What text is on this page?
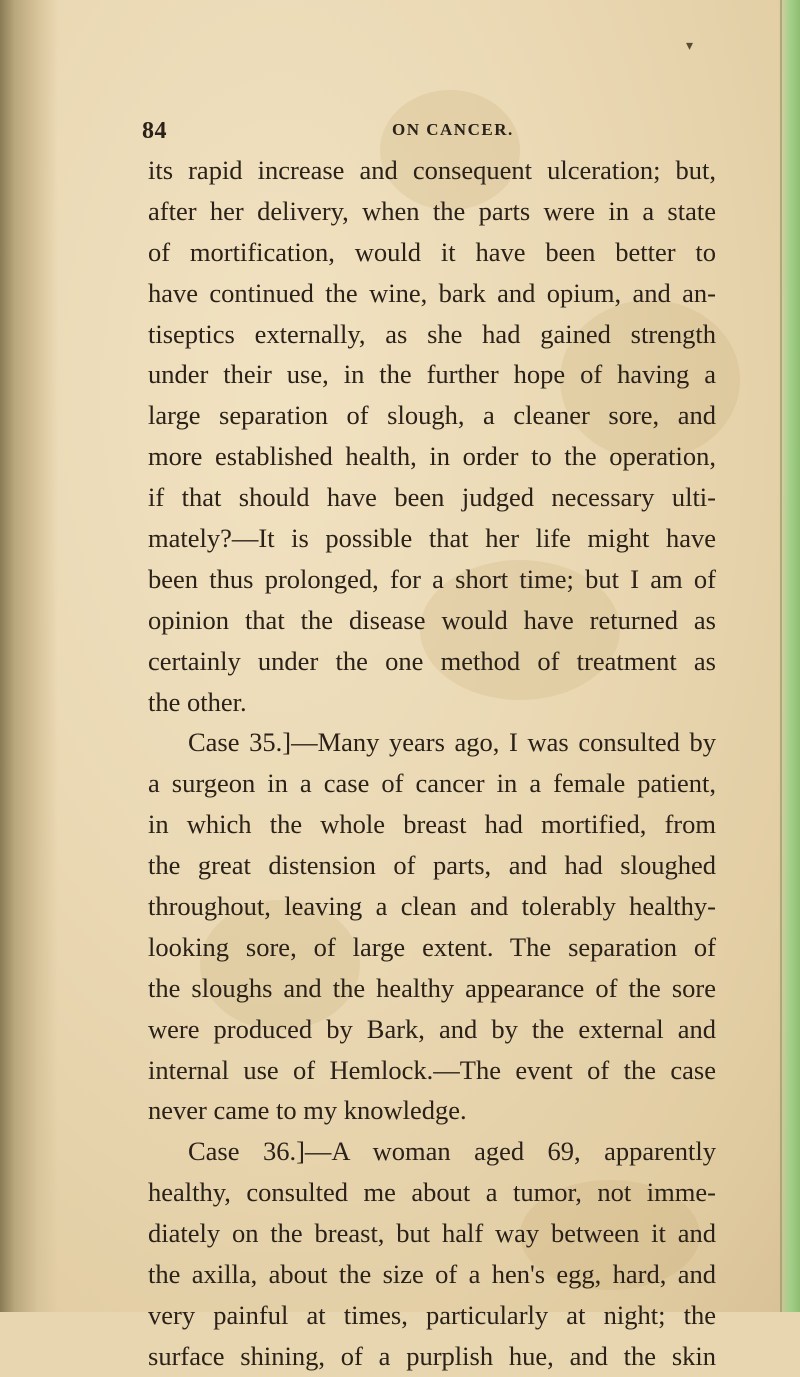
▾
84	ON CANCER.
its rapid increase and consequent ulceration; but,
after her delivery, when the parts were in a state
of mortification, would it have been better to
have continued the wine, bark and opium, and an-
tiseptics externally, as she had gained strength
under their use, in the further hope of having a
large separation of slough, a cleaner sore, and
more established health, in order to the operation,
if that should have been judged necessary ulti-
mately?—It is possible that her life might have
been thus prolonged, for a short time; but I am of
opinion that the disease would have returned as
certainly under the one method of treatment as
the other.
Case 35.]—Many years ago, I was consulted by
a surgeon in a case of cancer in a female patient,
in which the whole breast had mortified, from
the great distension of parts, and had sloughed
throughout, leaving a clean and tolerably healthy-
looking sore, of large extent. The separation of
the sloughs and the healthy appearance of the sore
were produced by Bark, and by the external and
internal use of Hemlock.—The event of the case
never came to my knowledge.
Case 36.]—A woman aged 69, apparently
healthy, consulted me about a tumor, not imme-
diately on the breast, but half way between it and
the axilla, about the size of a hen's egg, hard, and
very painful at times, particularly at night; the
surface shining, of a purplish hue, and the skin
